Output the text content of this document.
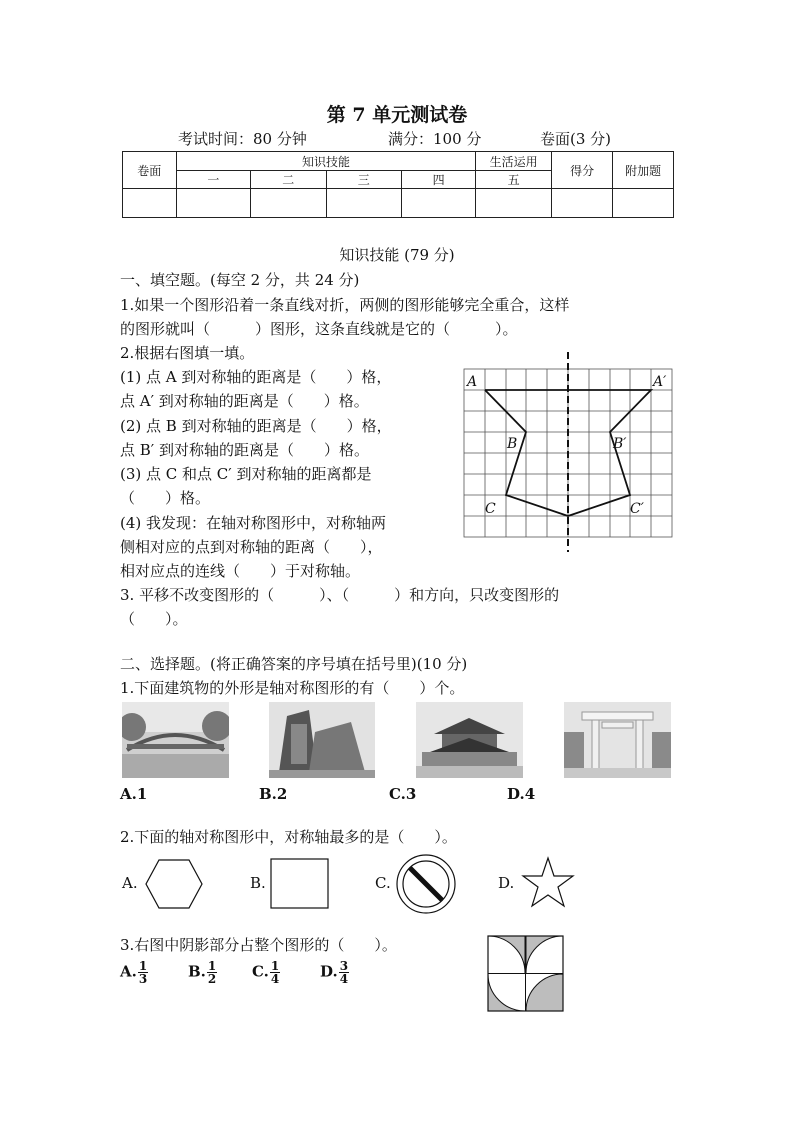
第 7 单元测试卷
考试时间：80 分钟	满分：100 分	卷面(3 分)
卷面	知识技能				生活运用	得分	附加题
	一	二	三	四	五		

知识技能 (79 分)
一、填空题。(每空 2 分，共 24 分)
1.如果一个图形沿着一条直线对折，两侧的图形能够完全重合，这样
的图形就叫（　　　）图形，这条直线就是它的（　　　）。
2.根据右图填一填。
(1) 点 A 到对称轴的距离是（　　）格，
点 A′ 到对称轴的距离是（　　）格。
(2) 点 B 到对称轴的距离是（　　）格，
点 B′ 到对称轴的距离是（　　）格。
(3) 点 C 和点 C′ 到对称轴的距离都是
（　　）格。
(4) 我发现：在轴对称图形中，对称轴两
侧相对应的点到对称轴的距离（　　），
相对应点的连线（　　）于对称轴。
3. 平移不改变图形的（　　　）、（　　　）和方向，只改变图形的
（　　）。
A	A′
B	B′
C	C′
二、选择题。(将正确答案的序号填在括号里)(10 分)
1.下面建筑物的外形是轴对称图形的有（　　）个。
A.1	B.2	C.3	D.4
2.下面的轴对称图形中，对称轴最多的是（　　）。
A.	B.	C.	D.
3.右图中阴影部分占整个图形的（　　）。
A. $\frac{1}{3}$	B. $\frac{1}{2} C$. $\frac{1}{4}$	D. $\frac{3}{4}$
